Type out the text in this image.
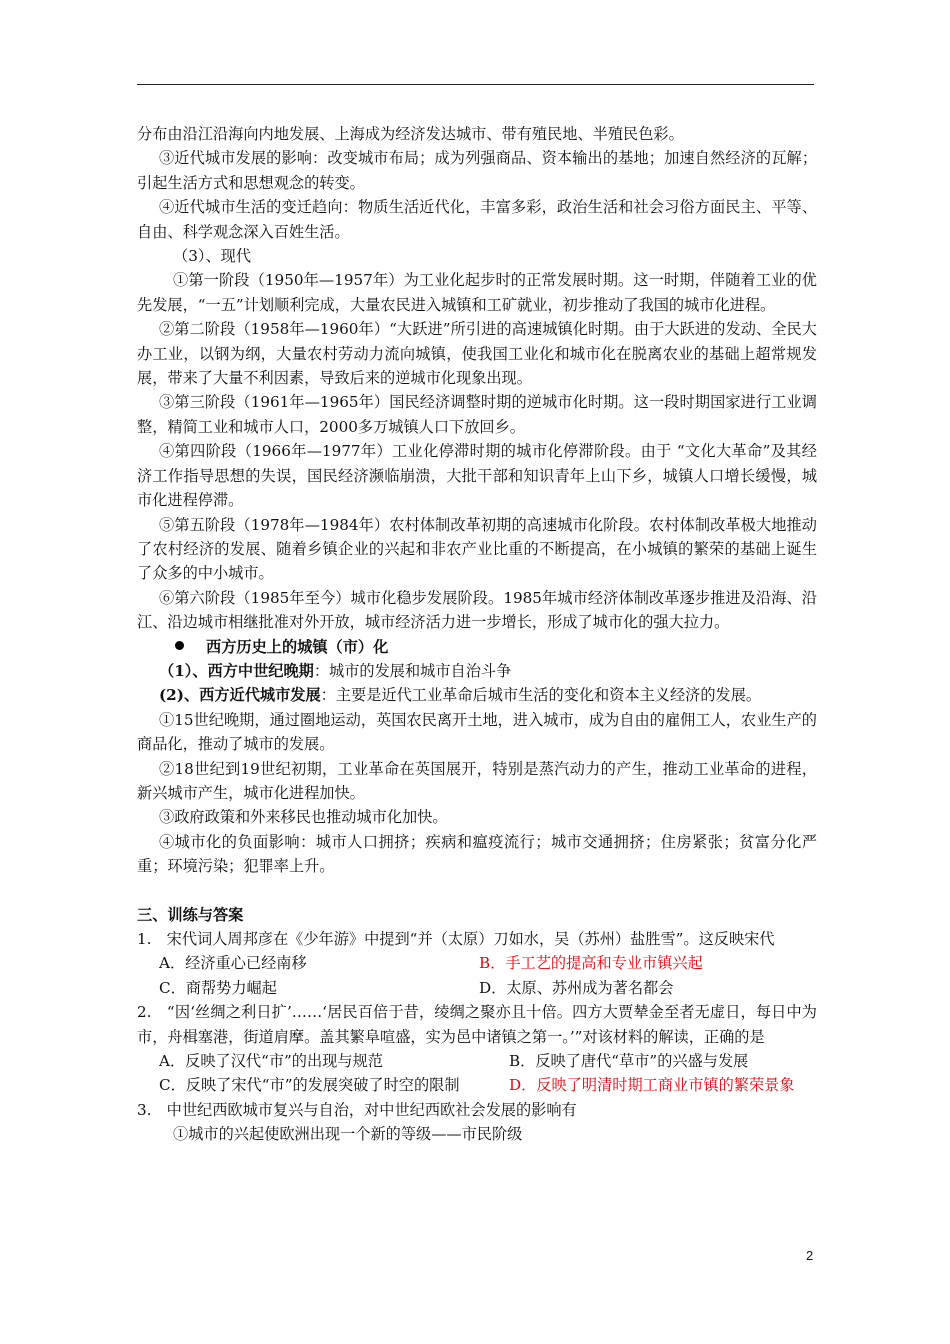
分布由沿江沿海向内地发展、上海成为经济发达城市、带有殖民地、半殖民色彩。

③近代城市发展的影响：改变城市布局；成为列强商品、资本输出的基地；加速自然经济的瓦解；引起生活方式和思想观念的转变。

④近代城市生活的变迁趋向：物质生活近代化，丰富多彩，政治生活和社会习俗方面民主、平等、自由、科学观念深入百姓生活。

（3）、现代

①第一阶段（1950年—1957年）为工业化起步时的正常发展时期。这一时期，伴随着工业的优先发展，“一五”计划顺利完成，大量农民进入城镇和工矿就业，初步推动了我国的城市化进程。

②第二阶段（1958年—1960年）“大跃进”所引进的高速城镇化时期。由于大跃进的发动、全民大办工业，以钢为纲，大量农村劳动力流向城镇，使我国工业化和城市化在脱离农业的基础上超常规发展，带来了大量不利因素，导致后来的逆城市化现象出现。

③第三阶段（1961年—1965年）国民经济调整时期的逆城市化时期。这一段时期国家进行工业调整，精简工业和城市人口，2000多万城镇人口下放回乡。

④第四阶段（1966年—1977年）工业化停滞时期的城市化停滞阶段。由于 “文化大革命”及其经济工作指导思想的失误，国民经济濒临崩溃，大批干部和知识青年上山下乡，城镇人口增长缓慢，城市化进程停滞。

⑤第五阶段（1978年—1984年）农村体制改革初期的高速城市化阶段。农村体制改革极大地推动了农村经济的发展、随着乡镇企业的兴起和非农产业比重的不断提高，在小城镇的繁荣的基础上诞生了众多的中小城市。

⑥第六阶段（1985年至今）城市化稳步发展阶段。1985年城市经济体制改革逐步推进及沿海、沿江、沿边城市相继批准对外开放，城市经济活力进一步增长，形成了城市化的强大拉力。

西方历史上的城镇（市）化

（1）、西方中世纪晚期：城市的发展和城市自治斗争

(2)、西方近代城市发展：主要是近代工业革命后城市生活的变化和资本主义经济的发展。

①15世纪晚期，通过圈地运动，英国农民离开土地，进入城市，成为自由的雇佣工人，农业生产的商品化，推动了城市的发展。

②18世纪到19世纪初期，工业革命在英国展开，特别是蒸汽动力的产生，推动工业革命的进程，新兴城市产生，城市化进程加快。

③政府政策和外来移民也推动城市化加快。

④城市化的负面影响：城市人口拥挤；疾病和瘟疫流行；城市交通拥挤；住房紧张；贫富分化严重；环境污染；犯罪率上升。

三、训练与答案

1.　宋代词人周邦彦在《少年游》中提到“并（太原）刀如水，吴（苏州）盐胜雪”。这反映宋代

A．经济重心已经南移	B．手工艺的提高和专业市镇兴起
C．商帮势力崛起	D．太原、苏州成为著名都会

2.　“因‘丝绸之利日扩’……‘居民百倍于昔，绫绸之聚亦且十倍。四方大贾辇金至者无虚日，每日中为市，舟楫塞港，街道肩摩。盖其繁阜喧盛，实为邑中诸镇之第一。’”对该材料的解读，正确的是

A．反映了汉代“市”的出现与规范	B．反映了唐代“草市”的兴盛与发展
C．反映了宋代“市”的发展突破了时空的限制	D．反映了明清时期工商业市镇的繁荣景象

3.　中世纪西欧城市复兴与自治，对中世纪西欧社会发展的影响有

①城市的兴起使欧洲出现一个新的等级——市民阶级

2
